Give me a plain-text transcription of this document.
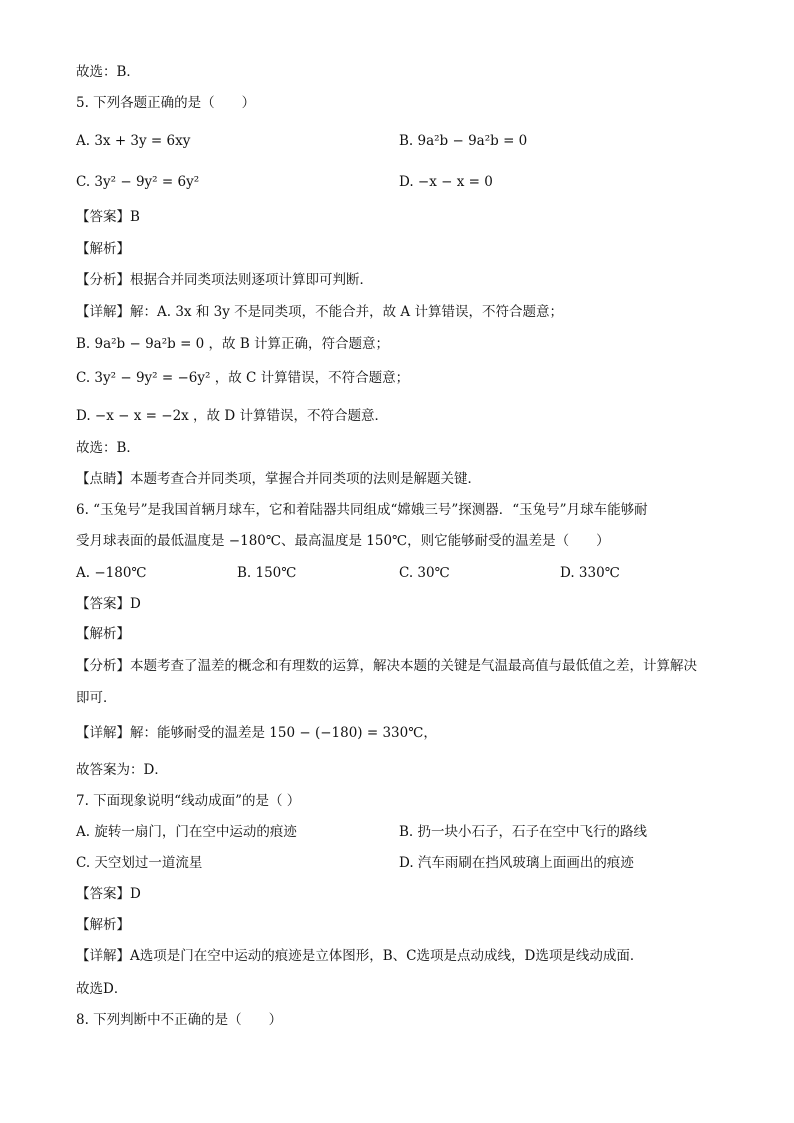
故选：B．
5. 下列各题正确的是（　　）
A. 3x + 3y = 6xy	B. 9a²b − 9a²b = 0
C. 3y² − 9y² = 6y²	D. −x − x = 0
【答案】B
【解析】
【分析】根据合并同类项法则逐项计算即可判断．
【详解】解：A. 3x 和 3y 不是同类项，不能合并，故 A 计算错误，不符合题意；
B. 9a²b − 9a²b = 0 ，故 B 计算正确，符合题意；
C. 3y² − 9y² = −6y² ，故 C 计算错误，不符合题意；
D. −x − x = −2x ，故 D 计算错误，不符合题意．
故选：B．
【点睛】本题考查合并同类项，掌握合并同类项的法则是解题关键．
6. “玉兔号”是我国首辆月球车，它和着陆器共同组成“嫦娥三号”探测器．“玉兔号”月球车能够耐
受月球表面的最低温度是 −180℃、最高温度是 150℃，则它能够耐受的温差是（　　）
A. −180℃	B. 150℃	C. 30℃	D. 330℃
【答案】D
【解析】
【分析】本题考查了温差的概念和有理数的运算，解决本题的关键是气温最高值与最低值之差，计算解决
即可．
【详解】解：能够耐受的温差是 150 − (−180) = 330℃，
故答案为：D．
7. 下面现象说明“线动成面”的是（ ）
A. 旋转一扇门，门在空中运动的痕迹	B. 扔一块小石子，石子在空中飞行的路线
C. 天空划过一道流星	D. 汽车雨刷在挡风玻璃上面画出的痕迹
【答案】D
【解析】
【详解】A选项是门在空中运动的痕迹是立体图形，B、C选项是点动成线，D选项是线动成面．
故选D．
8. 下列判断中不正确的是（　　）
